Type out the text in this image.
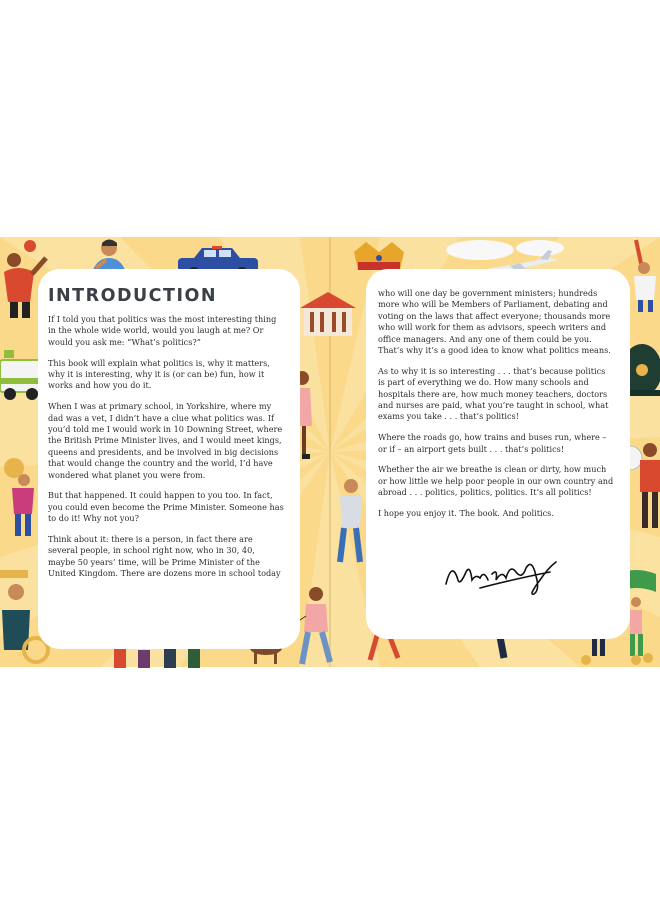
INTRODUCTION

If I told you that politics was the most interesting thing in the whole wide world, would you laugh at me? Or would you ask me: “What’s politics?”

This book will explain what politics is, why it matters, why it is interesting, why it is (or can be) fun, how it works and how you do it.

When I was at primary school, in Yorkshire, where my dad was a vet, I didn’t have a clue what politics was. If you’d told me I would work in 10 Downing Street, where the British Prime Minister lives, and I would meet kings, queens and presidents, and be involved in big decisions that would change the country and the world, I’d have wondered what planet you were from.

But that happened. It could happen to you too. In fact, you could even become the Prime Minister. Someone has to do it! Why not you?

Think about it: there is a person, in fact there are several people, in school right now, who in 30, 40, maybe 50 years’ time, will be Prime Minister of the United Kingdom. There are dozens more in school today

who will one day be government ministers; hundreds more who will be Members of Parliament, debating and voting on the laws that affect everyone; thousands more who will work for them as advisors, speech writers and office managers. And any one of them could be you. That’s why it’s a good idea to know what politics means.

As to why it is so interesting . . . that’s because politics is part of everything we do. How many schools and hospitals there are, how much money teachers, doctors and nurses are paid, what you’re taught in school, what exams you take . . . that’s politics!

Where the roads go, how trains and buses run, where – or if – an airport gets built . . . that’s politics!

Whether the air we breathe is clean or dirty, how much or how little we help poor people in our own country and abroad . . . politics, politics, politics. It’s all politics!

I hope you enjoy it. The book. And politics.
